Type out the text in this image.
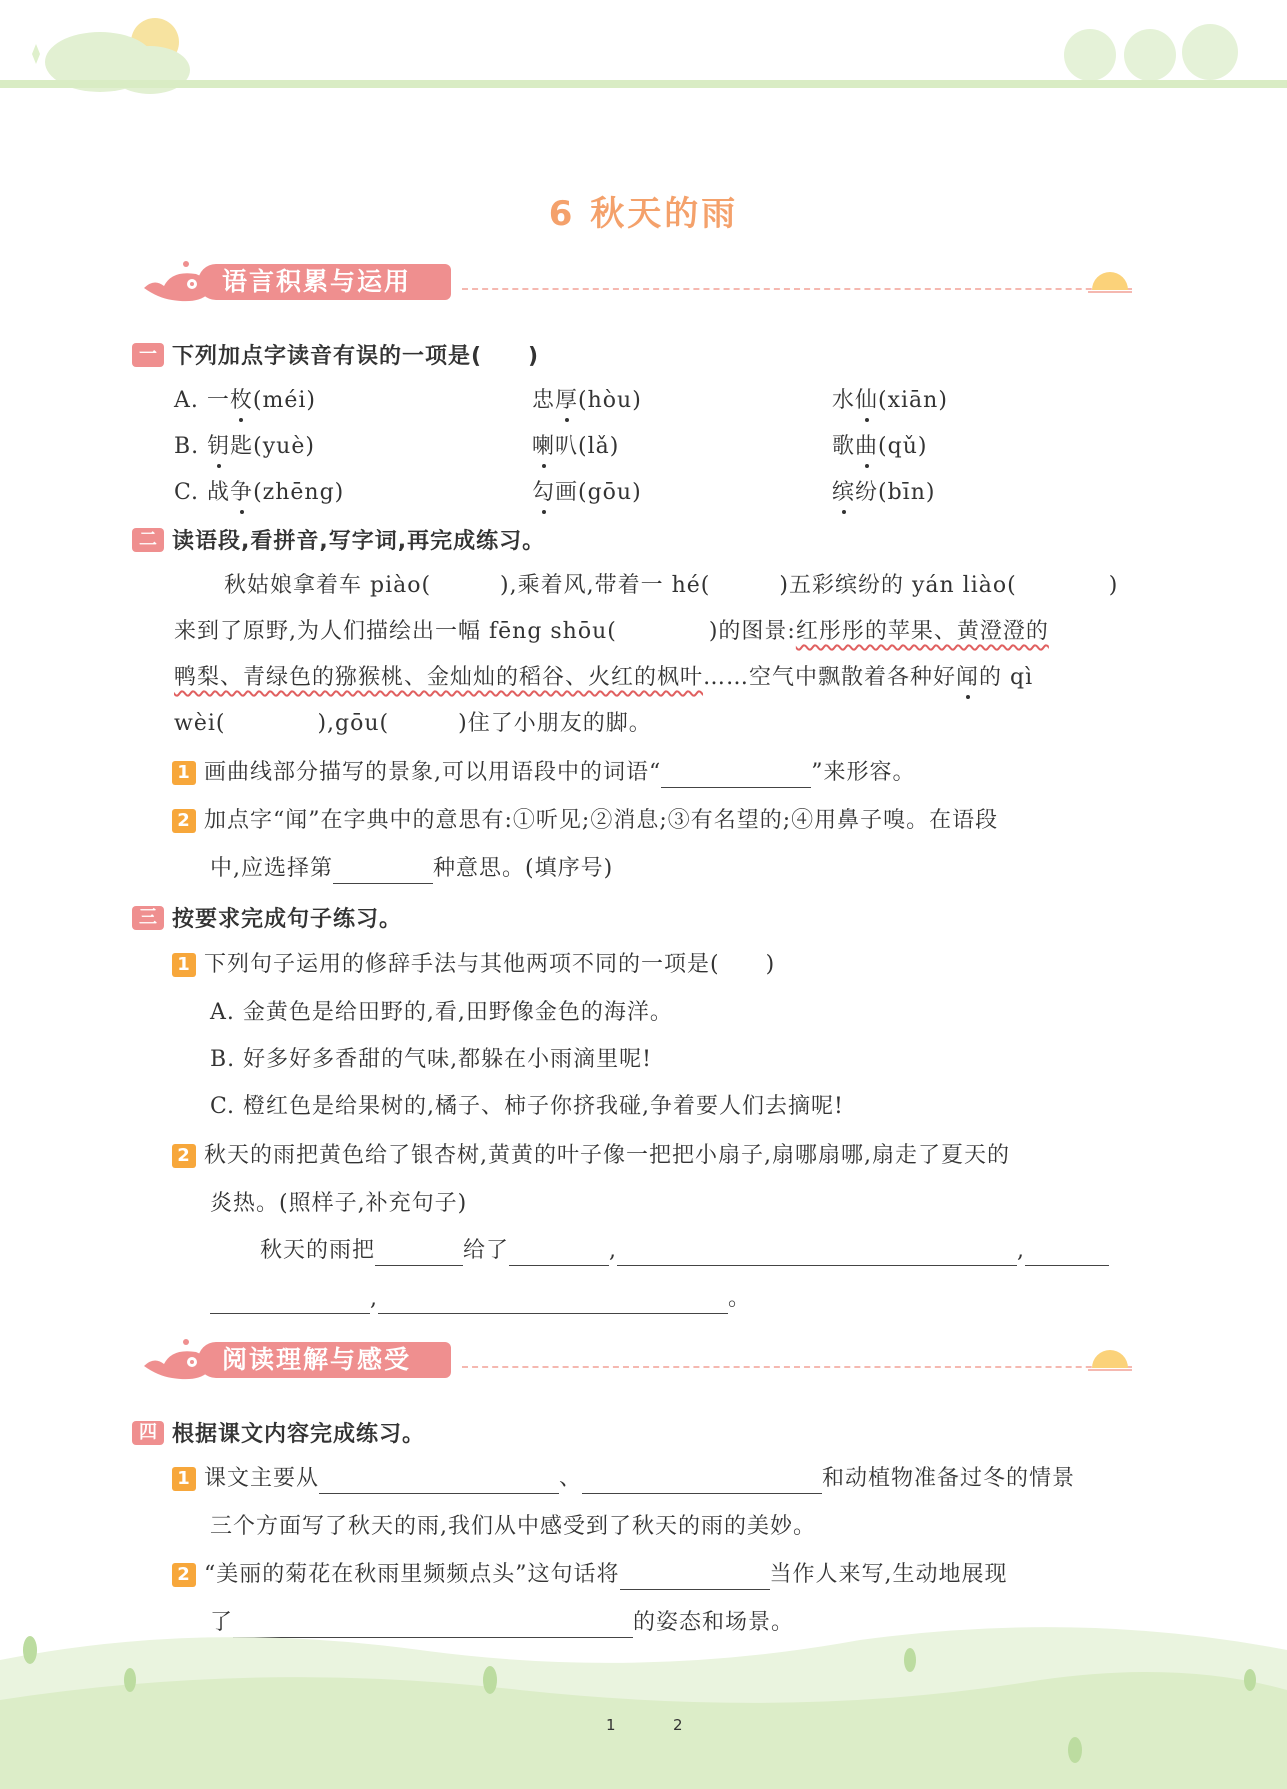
6 秋天的雨
语言积累与运用
一 下列加点字读音有误的一项是(　　)
A. 一枚(méi)	忠厚(hòu)	水仙(xiān)
B. 钥匙(yuè)	喇叭(lǎ)	歌曲(qǔ)
C. 战争(zhēng)	勾画(gōu)	缤纷(bīn)
二 读语段,看拼音,写字词,再完成练习。
秋姑娘拿着车 piào(　　　),乘着风,带着一 hé(　　　)五彩缤纷的 yán liào(　　　　)
来到了原野,为人们描绘出一幅 fēng shōu(　　　　)的图景:红彤彤的苹果、黄澄澄的
鸭梨、青绿色的猕猴桃、金灿灿的稻谷、火红的枫叶……空气中飘散着各种好闻的 qì
wèi(　　　　),gōu(　　　)住了小朋友的脚。
1 画曲线部分描写的景象,可以用语段中的词语“	”来形容。
2 加点字“闻”在字典中的意思有:①听见;②消息;③有名望的;④用鼻子嗅。在语段
中,应选择第	种意思。(填序号)
三 按要求完成句子练习。
1 下列句子运用的修辞手法与其他两项不同的一项是(　　)
A. 金黄色是给田野的,看,田野像金色的海洋。
B. 好多好多香甜的气味,都躲在小雨滴里呢!
C. 橙红色是给果树的,橘子、柿子你挤我碰,争着要人们去摘呢!
2 秋天的雨把黄色给了银杏树,黄黄的叶子像一把把小扇子,扇哪扇哪,扇走了夏天的
炎热。(照样子,补充句子)
秋天的雨把	给了	,	,
,	。
阅读理解与感受
四 根据课文内容完成练习。
1 课文主要从	、	和动植物准备过冬的情景
三个方面写了秋天的雨,我们从中感受到了秋天的雨的美妙。
2 “美丽的菊花在秋雨里频频点头”这句话将	当作人来写,生动地展现
了	的姿态和场景。
1	2
